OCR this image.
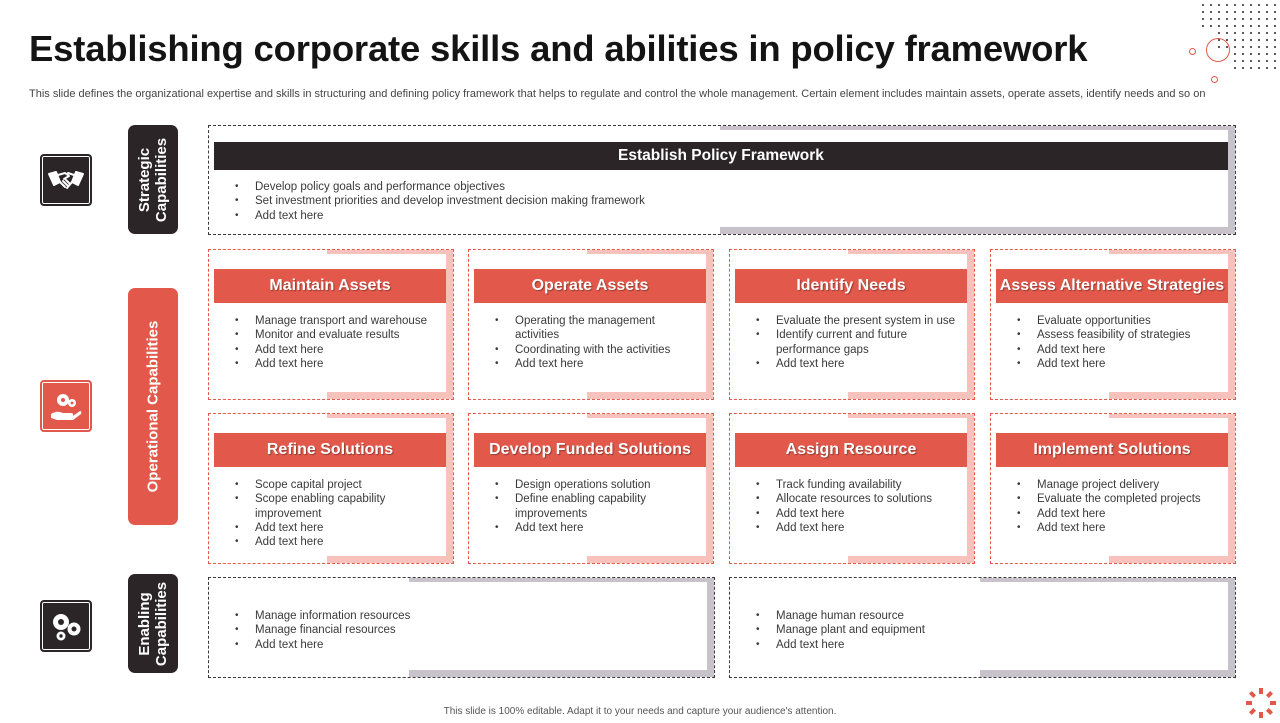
Establishing corporate skills and abilities in policy framework
This slide defines the organizational expertise and skills in structuring and defining policy framework that helps to regulate and control the whole management. Certain element includes maintain assets, operate assets, identify needs and so on
Strategic Capabilities
Operational Capabilities
Enabling Capabilities
Establish Policy Framework
• Develop policy goals and performance objectives
• Set investment priorities and develop investment decision making framework
• Add text here
Maintain Assets
• Manage transport and warehouse
• Monitor and evaluate results
• Add text here
• Add text here
Operate Assets
• Operating the management activities
• Coordinating with the activities
• Add text here
Identify Needs
• Evaluate the present system in use
• Identify current and future performance gaps
• Add text here
Assess Alternative Strategies
• Evaluate opportunities
• Assess feasibility of strategies
• Add text here
• Add text here
Refine Solutions
• Scope capital project
• Scope enabling capability improvement
• Add text here
• Add text here
Develop Funded Solutions
• Design operations solution
• Define enabling capability improvements
• Add text here
Assign Resource
• Track funding availability
• Allocate resources to solutions
• Add text here
• Add text here
Implement Solutions
• Manage project delivery
• Evaluate the completed projects
• Add text here
• Add text here
• Manage information resources
• Manage financial resources
• Add text here
• Manage human resource
• Manage plant and equipment
• Add text here
This slide is 100% editable. Adapt it to your needs and capture your audience's attention.
